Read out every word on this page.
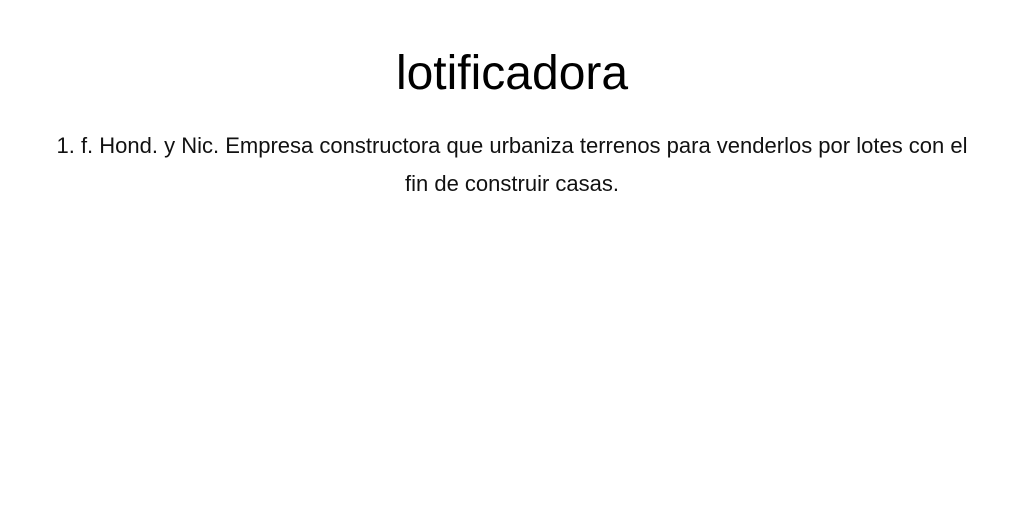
lotificadora

1. f. Hond. y Nic. Empresa constructora que urbaniza terrenos para venderlos por lotes con el fin de construir casas.
